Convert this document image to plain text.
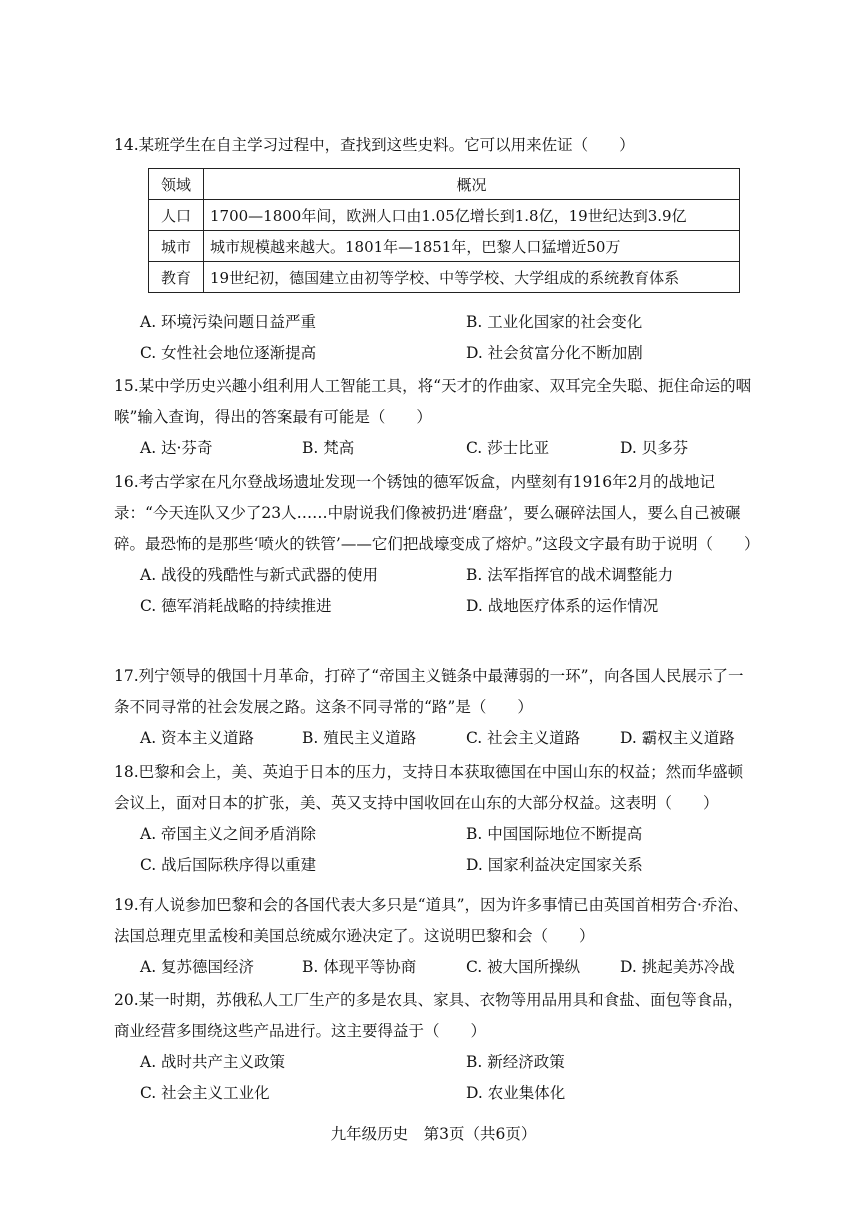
14.某班学生在自主学习过程中，查找到这些史料。它可以用来佐证（　　）

领域	概况
人口	1700—1800年间，欧洲人口由1.05亿增长到1.8亿，19世纪达到3.9亿
城市	城市规模越来越大。1801年—1851年，巴黎人口猛增近50万
教育	19世纪初，德国建立由初等学校、中等学校、大学组成的系统教育体系
A. 环境污染问题日益严重	B. 工业化国家的社会变化
C. 女性社会地位逐渐提高	D. 社会贫富分化不断加剧

15.某中学历史兴趣小组利用人工智能工具，将“天才的作曲家、双耳完全失聪、扼住命运的咽喉”输入查询，得出的答案最有可能是（　　）

A. 达·芬奇	B. 梵高	C. 莎士比亚	D. 贝多芬

16.考古学家在凡尔登战场遗址发现一个锈蚀的德军饭盒，内壁刻有1916年2月的战地记录：“今天连队又少了23人……中尉说我们像被扔进‘磨盘’，要么碾碎法国人，要么自己被碾碎。最恐怖的是那些‘喷火的铁管’——它们把战壕变成了熔炉。”这段文字最有助于说明（　　）

A. 战役的残酷性与新式武器的使用	B. 法军指挥官的战术调整能力
C. 德军消耗战略的持续推进	D. 战地医疗体系的运作情况

17.列宁领导的俄国十月革命，打碎了“帝国主义链条中最薄弱的一环”，向各国人民展示了一条不同寻常的社会发展之路。这条不同寻常的“路”是（　　）

A. 资本主义道路	B. 殖民主义道路	C. 社会主义道路	D. 霸权主义道路

18.巴黎和会上，美、英迫于日本的压力，支持日本获取德国在中国山东的权益；然而华盛顿会议上，面对日本的扩张，美、英又支持中国收回在山东的大部分权益。这表明（　　）

A. 帝国主义之间矛盾消除	B. 中国国际地位不断提高
C. 战后国际秩序得以重建	D. 国家利益决定国家关系

19.有人说参加巴黎和会的各国代表大多只是“道具”，因为许多事情已由英国首相劳合·乔治、法国总理克里孟梭和美国总统威尔逊决定了。这说明巴黎和会（　　）

A. 复苏德国经济	B. 体现平等协商	C. 被大国所操纵	D. 挑起美苏冷战

20.某一时期，苏俄私人工厂生产的多是农具、家具、衣物等用品用具和食盐、面包等食品，商业经营多围绕这些产品进行。这主要得益于（　　）

A. 战时共产主义政策	B. 新经济政策
C. 社会主义工业化	D. 农业集体化
九年级历史　第3页（共6页）
